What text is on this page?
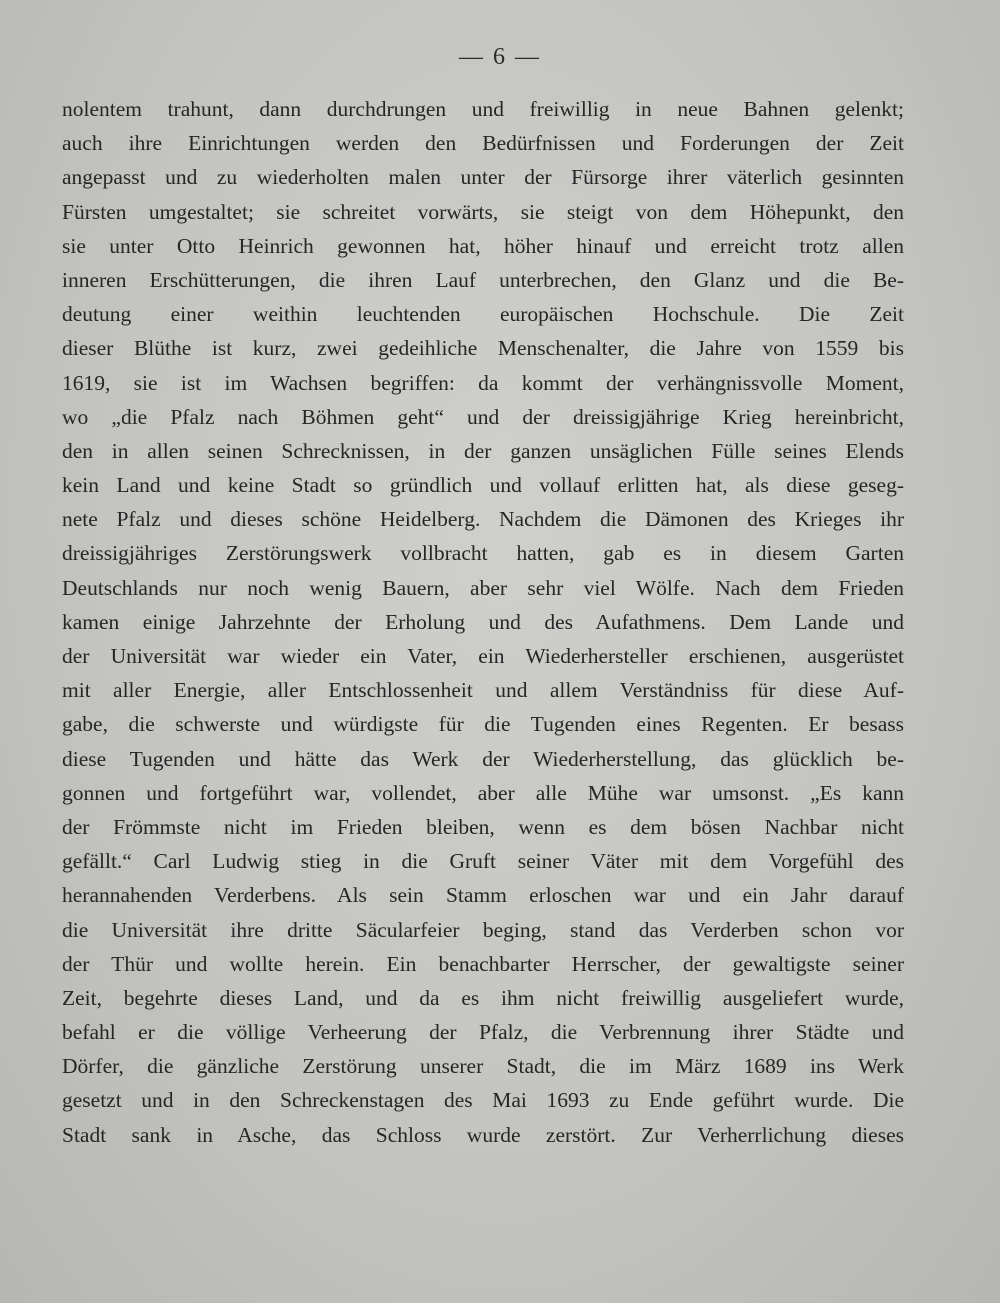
— 6 —
nolentem trahunt, dann durchdrungen und freiwillig in neue Bahnen gelenkt;
auch ihre Einrichtungen werden den Bedürfnissen und Forderungen der Zeit
angepasst und zu wiederholten malen unter der Fürsorge ihrer väterlich gesinnten
Fürsten umgestaltet; sie schreitet vorwärts, sie steigt von dem Höhepunkt, den
sie unter Otto Heinrich gewonnen hat, höher hinauf und erreicht trotz allen
inneren Erschütterungen, die ihren Lauf unterbrechen, den Glanz und die Be-
deutung einer weithin leuchtenden europäischen Hochschule. Die Zeit
dieser Blüthe ist kurz, zwei gedeihliche Menschenalter, die Jahre von 1559 bis
1619, sie ist im Wachsen begriffen: da kommt der verhängnissvolle Moment,
wo „die Pfalz nach Böhmen geht“ und der dreissigjährige Krieg hereinbricht,
den in allen seinen Schrecknissen, in der ganzen unsäglichen Fülle seines Elends
kein Land und keine Stadt so gründlich und vollauf erlitten hat, als diese geseg-
nete Pfalz und dieses schöne Heidelberg. Nachdem die Dämonen des Krieges ihr
dreissigjähriges Zerstörungswerk vollbracht hatten, gab es in diesem Garten
Deutschlands nur noch wenig Bauern, aber sehr viel Wölfe. Nach dem Frieden
kamen einige Jahrzehnte der Erholung und des Aufathmens. Dem Lande und
der Universität war wieder ein Vater, ein Wiederhersteller erschienen, ausgerüstet
mit aller Energie, aller Entschlossenheit und allem Verständniss für diese Auf-
gabe, die schwerste und würdigste für die Tugenden eines Regenten. Er besass
diese Tugenden und hätte das Werk der Wiederherstellung, das glücklich be-
gonnen und fortgeführt war, vollendet, aber alle Mühe war umsonst. „Es kann
der Frömmste nicht im Frieden bleiben, wenn es dem bösen Nachbar nicht
gefällt.“ Carl Ludwig stieg in die Gruft seiner Väter mit dem Vorgefühl des
herannahenden Verderbens. Als sein Stamm erloschen war und ein Jahr darauf
die Universität ihre dritte Säcularfeier beging, stand das Verderben schon vor
der Thür und wollte herein. Ein benachbarter Herrscher, der gewaltigste seiner
Zeit, begehrte dieses Land, und da es ihm nicht freiwillig ausgeliefert wurde,
befahl er die völlige Verheerung der Pfalz, die Verbrennung ihrer Städte und
Dörfer, die gänzliche Zerstörung unserer Stadt, die im März 1689 ins Werk
gesetzt und in den Schreckenstagen des Mai 1693 zu Ende geführt wurde. Die
Stadt sank in Asche, das Schloss wurde zerstört. Zur Verherrlichung dieses
